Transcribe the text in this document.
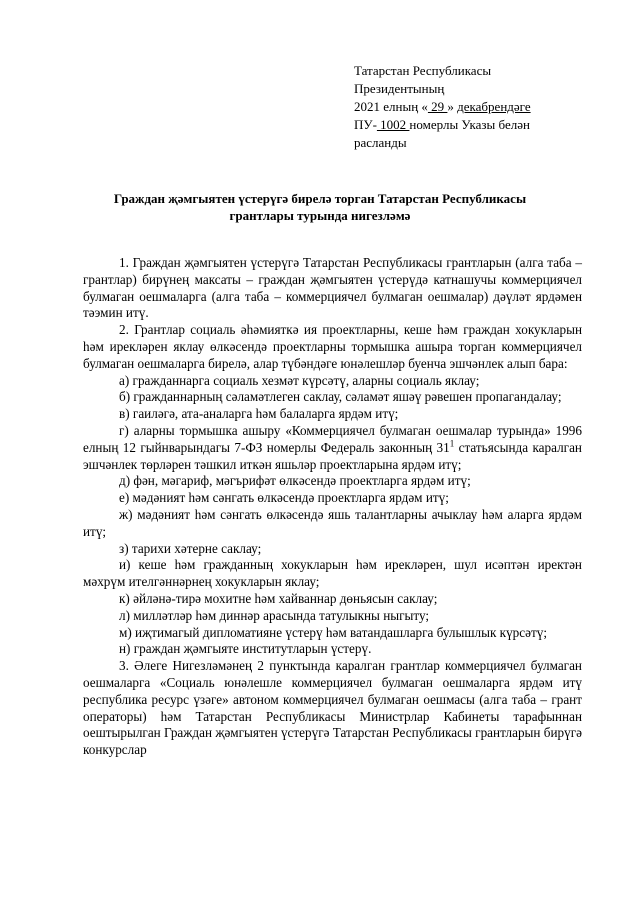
Татарстан Республикасы
Президентының
2021 елның « 29 » декабрендәге
ПУ- 1002 номерлы Указы белән
расланды
Граждан җәмгыятен үстерүгә бирелә торган Татарстан Республикасы грантлары турында нигезләмә

1. Граждан җәмгыятен үстерүгә Татарстан Республикасы грантларын (алга таба – грантлар) бирүнең максаты – граждан җәмгыятен үстерүдә катнашучы коммерциячел булмаган оешмаларга (алга таба – коммерциячел булмаган оешмалар) дәүләт ярдәмен тәэмин итү.

2. Грантлар социаль әһәмияткә ия проектларны, кеше һәм граждан хокукларын һәм ирекләрен яклау өлкәсендә проектларны тормышка ашыра торган коммерциячел булмаган оешмаларга бирелә, алар түбәндәге юнәлешләр буенча эшчәнлек алып бара:

а) гражданнарга социаль хезмәт күрсәтү, аларны социаль яклау;

б) гражданнарның сәламәтлеген саклау, сәламәт яшәү рәвешен пропагандалау;

в) гаиләгә, ата-аналарга һәм балаларга ярдәм итү;

г) аларны тормышка ашыру «Коммерциячел булмаган оешмалар турында» 1996 елның 12 гыйнварындагы 7-ФЗ номерлы Федераль законның $31^1$ статьясында каралган эшчәнлек төрләрен тәшкил иткән яшьләр проектларына ярдәм итү;

д) фән, мәгариф, мәгърифәт өлкәсендә проектларга ярдәм итү;

е) мәдәният һәм сәнгать өлкәсендә проектларга ярдәм итү;

ж) мәдәният һәм сәнгать өлкәсендә яшь талантларны ачыклау һәм аларга ярдәм итү;

з) тарихи хәтерне саклау;

и) кеше һәм гражданның хокукларын һәм ирекләрен, шул исәптән иректән мәхрүм ителгәннәрнең хокукларын яклау;

к) әйләнә-тирә мохитне һәм хайваннар дөньясын саклау;

л) милләтләр һәм диннәр арасында татулыкны ныгыту;

м) иҗтимагый дипломатияне үстерү һәм ватандашларга булышлык күрсәтү;

н) граждан җәмгыяте институтларын үстерү.

3. Әлеге Нигезләмәнең 2 пунктында каралган грантлар коммерциячел булмаган оешмаларга «Социаль юнәлешле коммерциячел булмаган оешмаларга ярдәм итү республика ресурс үзәге» автоном коммерциячел булмаган оешмасы (алга таба – грант операторы) һәм Татарстан Республикасы Министрлар Кабинеты тарафыннан оештырылган Граждан җәмгыятен үстерүгә Татарстан Республикасы грантларын бирүгә конкурслар
